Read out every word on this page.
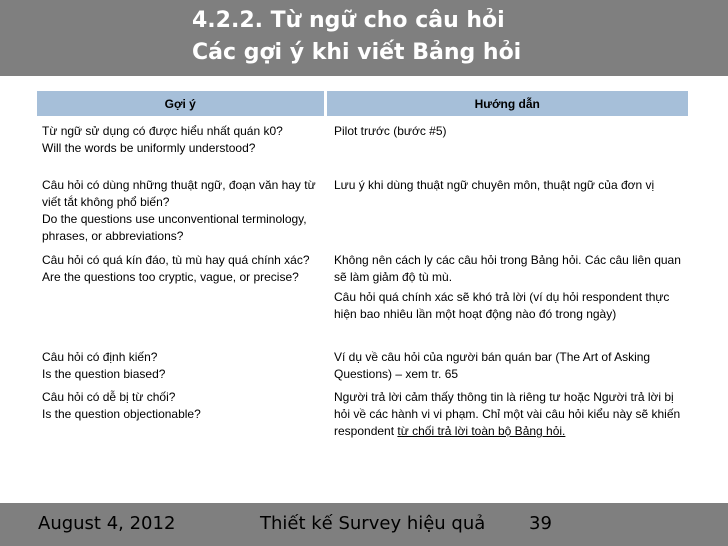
4.2.2. Từ ngữ cho câu hỏi
Các gợi ý khi viết Bảng hỏi
Gợi ý	Hướng dẫn

Từ ngữ sử dụng có được hiểu nhất quán k0?
Will the words be uniformly understood?	Pilot trước (bước #5)

Câu hỏi có dùng những thuật ngữ, đoạn văn hay từ viết tắt không phổ biến?
Do the questions use unconventional terminology, phrases, or abbreviations?	Lưu ý khi dùng thuật ngữ chuyên môn, thuật ngữ của đơn vị

Câu hỏi có quá kín đáo, tù mù hay quá chính xác?
Are the questions too cryptic, vague, or precise?	Không nên cách ly các câu hỏi trong Bảng hỏi. Các câu liên quan sẽ làm giảm độ tù mù.
Câu hỏi quá chính xác sẽ khó trả lời (ví dụ hỏi respondent thực hiện bao nhiêu lần một hoạt động nào đó trong ngày)

Câu hỏi có định kiến?
Is the question biased?	Ví dụ về câu hỏi của người bán quán bar (The Art of Asking Questions) – xem tr. 65

Câu hỏi có dễ bị từ chối?
Is the question objectionable?	Người trả lời cảm thấy thông tin là riêng tư hoặc Người trả lời bị hỏi về các hành vi vi phạm. Chỉ một vài câu hỏi kiểu này sẽ khiến respondent từ chối trả lời toàn bộ Bảng hỏi.
August 4, 2012	Thiết kế Survey hiệu quả 39
